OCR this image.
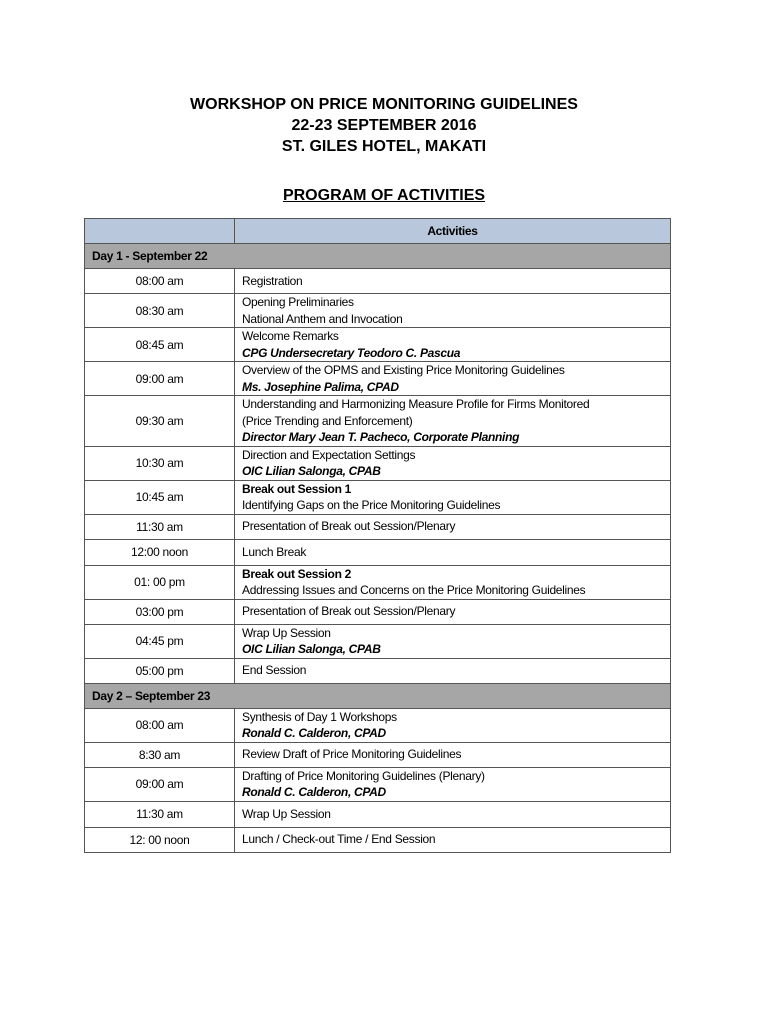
WORKSHOP ON PRICE MONITORING GUIDELINES
22-23 SEPTEMBER 2016
ST. GILES HOTEL, MAKATI
PROGRAM OF ACTIVITIES
	Activities
Day 1 - September 22	
08:00 am	Registration

08:30 am	Opening Preliminaries
National Anthem and Invocation

08:45 am	Welcome Remarks
CPG Undersecretary Teodoro C. Pascua

09:00 am	Overview of the OPMS and Existing Price Monitoring Guidelines
Ms. Josephine Palima, CPAD

09:30 am	Understanding and Harmonizing Measure Profile for Firms Monitored
(Price Trending and Enforcement)
Director Mary Jean T. Pacheco, Corporate Planning

10:30 am	Direction and Expectation Settings
OIC Lilian Salonga, CPAB

10:45 am	Break out Session 1
Identifying Gaps on the Price Monitoring Guidelines

11:30 am	Presentation of Break out Session/Plenary

12:00 noon	Lunch Break

01: 00 pm	Break out Session 2
Addressing Issues and Concerns on the Price Monitoring Guidelines

03:00 pm	Presentation of Break out Session/Plenary

04:45 pm	Wrap Up Session
OIC Lilian Salonga, CPAB

05:00 pm	End Session

Day 2 – September 23	
08:00 am	Synthesis of Day 1 Workshops
Ronald C. Calderon, CPAD

8:30 am	Review Draft of Price Monitoring Guidelines

09:00 am	Drafting of Price Monitoring Guidelines (Plenary)
Ronald C. Calderon, CPAD

11:30 am	Wrap Up Session

12: 00 noon	Lunch / Check-out Time / End Session
